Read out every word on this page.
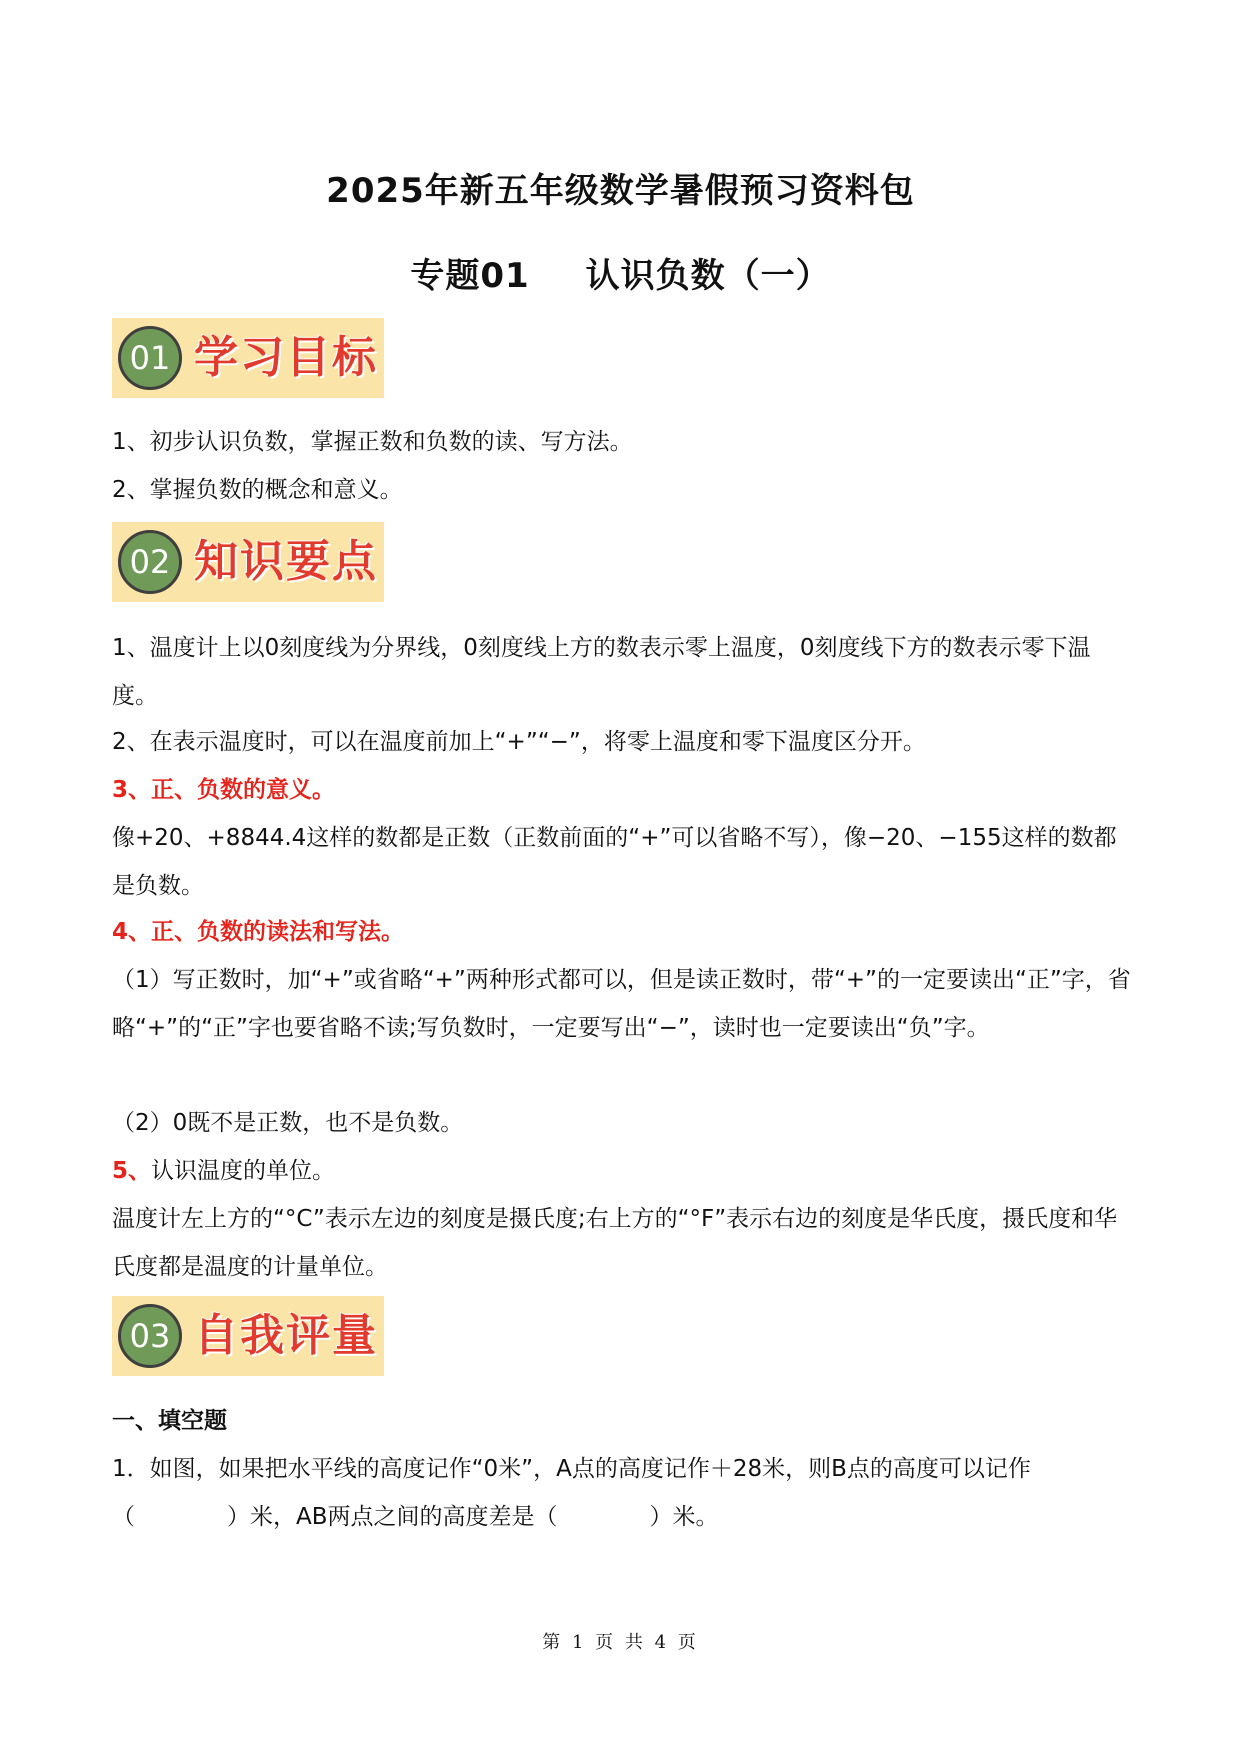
2025年新五年级数学暑假预习资料包
专题01 认识负数（一）
01 学习目标

1、初步认识负数，掌握正数和负数的读、写方法。

2、掌握负数的概念和意义。

02 知识要点

1、温度计上以0刻度线为分界线，0刻度线上方的数表示零上温度，0刻度线下方的数表示零下温度。

2、在表示温度时，可以在温度前加上“+”“−”，将零上温度和零下温度区分开。

3、正、负数的意义。

像+20、+8844.4这样的数都是正数（正数前面的“+”可以省略不写），像−20、−155这样的数都是负数。

4、正、负数的读法和写法。

（1）写正数时，加“+”或省略“+”两种形式都可以，但是读正数时，带“+”的一定要读出“正”字，省略“+”的“正”字也要省略不读;写负数时，一定要写出“−”，读时也一定要读出“负”字。

（2）0既不是正数，也不是负数。

5、认识温度的单位。

温度计左上方的“°C”表示左边的刻度是摄氏度;右上方的“°F”表示右边的刻度是华氏度，摄氏度和华氏度都是温度的计量单位。

03 自我评量

一、填空题

1．如图，如果把水平线的高度记作“0米”，A点的高度记作＋28米，则B点的高度可以记作（　　　　）米，AB两点之间的高度差是（　　　　）米。

第 1 页 共 4 页
